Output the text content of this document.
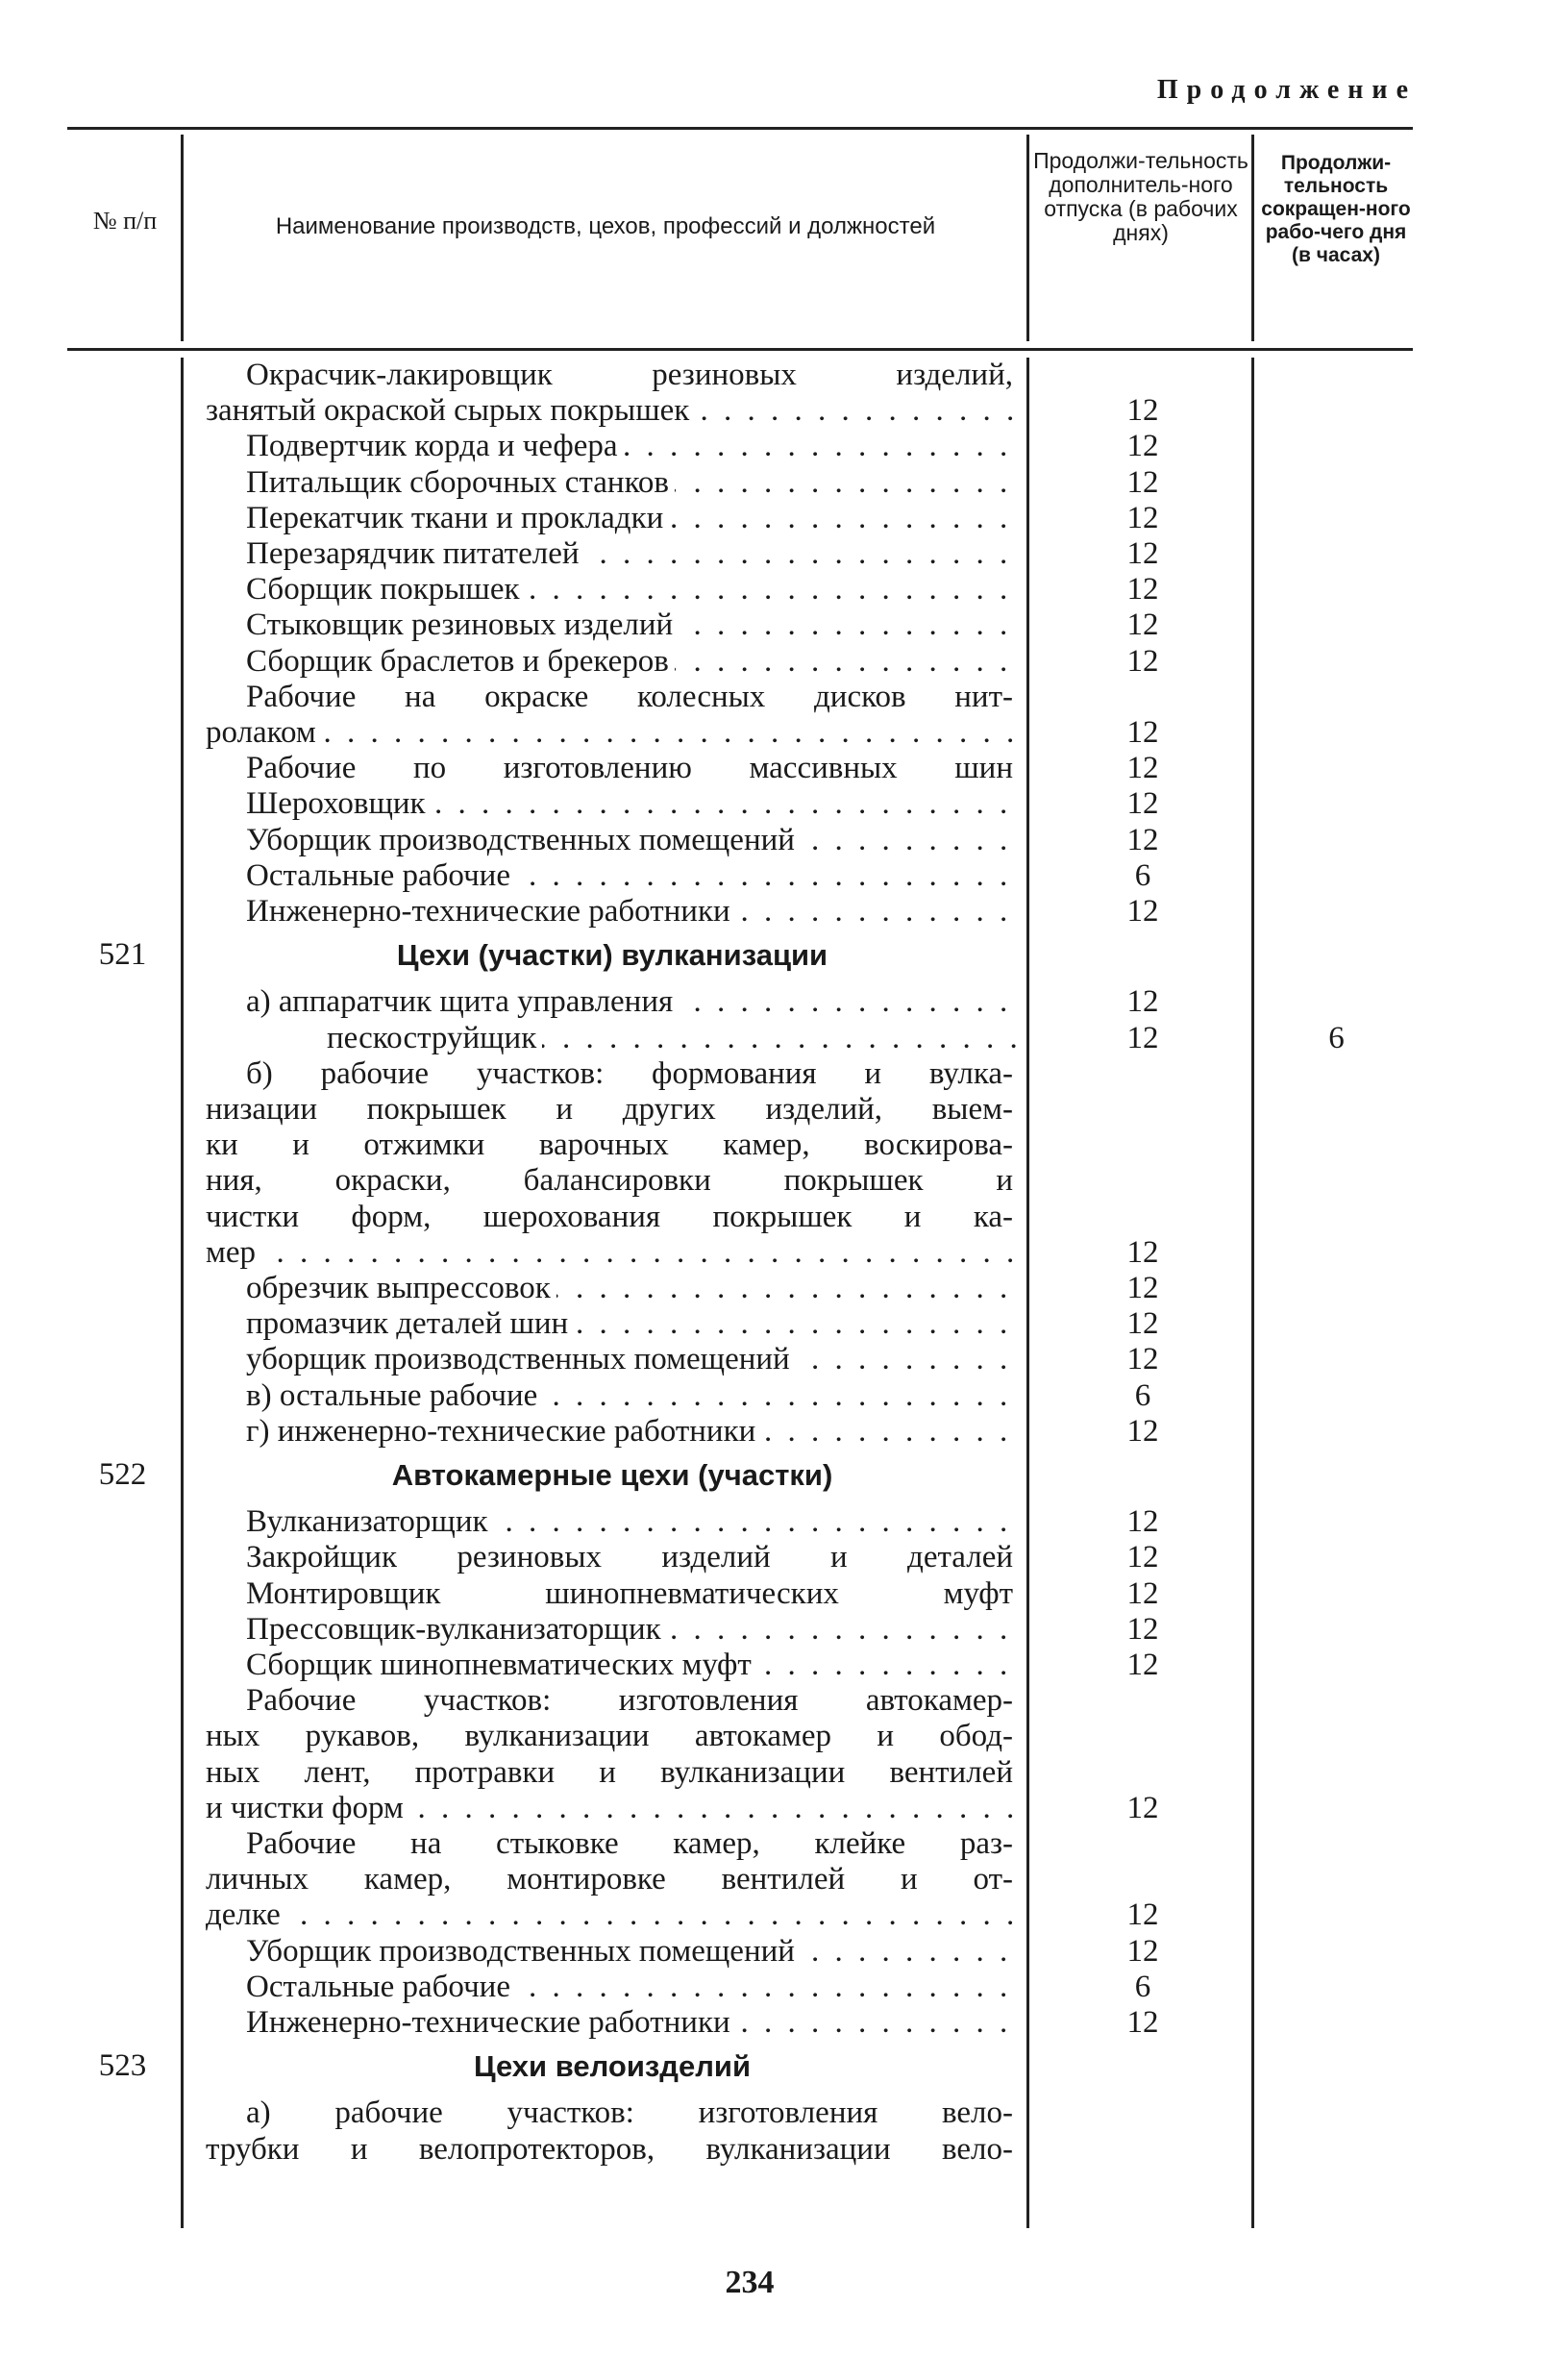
Продолжение
№ п/п	Наименование производств, цехов, профессий и должностей
Продолжи-тельность дополнитель-ного отпуска (в рабочих днях)
Продолжи-тельность сокращен-ного рабо-чего дня (в часах)
Окрасчик-лакировщик резиновых изделий,
занятый окраской сырых покрышек . . .	12
Подвертчик корда и чефера . . .	12
Питальщик сборочных станков . . .	12
Перекатчик ткани и прокладки . . .	12
Перезарядчик питателей . . .	12
Сборщик покрышек . . .	12
Стыковщик резиновых изделий . . .	12
Сборщик браслетов и брекеров . . .	12
Рабочие на окраске колесных дисков нит-
ролаком . . .	12
Рабочие по изготовлению массивных шин	12
Шероховщик . . .	12
Уборщик производственных помещений . . .	12
Остальные рабочие . . .	6
Инженерно-технические работники . . .	12
521	Цехи (участки) вулканизации
а) аппаратчик щита управления . . .	12
пескоструйщик . . .	12	6
б) рабочие участков: формования и вулка-
низации покрышек и других изделий, выем-
ки и отжимки варочных камер, воскирова-
ния, окраски, балансировки покрышек и
чистки форм, шерохования покрышек и ка-
мер . . .	12
обрезчик выпрессовок . . .	12
промазчик деталей шин . . .	12
уборщик производственных помещений . . .	12
в) остальные рабочие . . .	6
г) инженерно-технические работники . . .	12
522	Автокамерные цехи (участки)
Вулканизаторщик . . .	12
Закройщик резиновых изделий и деталей	12
Монтировщик шинопневматических муфт	12
Прессовщик-вулканизаторщик . . .	12
Сборщик шинопневматических муфт . . .	12
Рабочие участков: изготовления автокамер-
ных рукавов, вулканизации автокамер и обод-
ных лент, протравки и вулканизации вентилей
и чистки форм . . .	12
Рабочие на стыковке камер, клейке раз-
личных камер, монтировке вентилей и от-
делке . . .	12
Уборщик производственных помещений . . .	12
Остальные рабочие . . .	6
Инженерно-технические работники . . .	12
523	Цехи велоизделий
а) рабочие участков: изготовления вело-
трубки и велопротекторов, вулканизации вело-
234
